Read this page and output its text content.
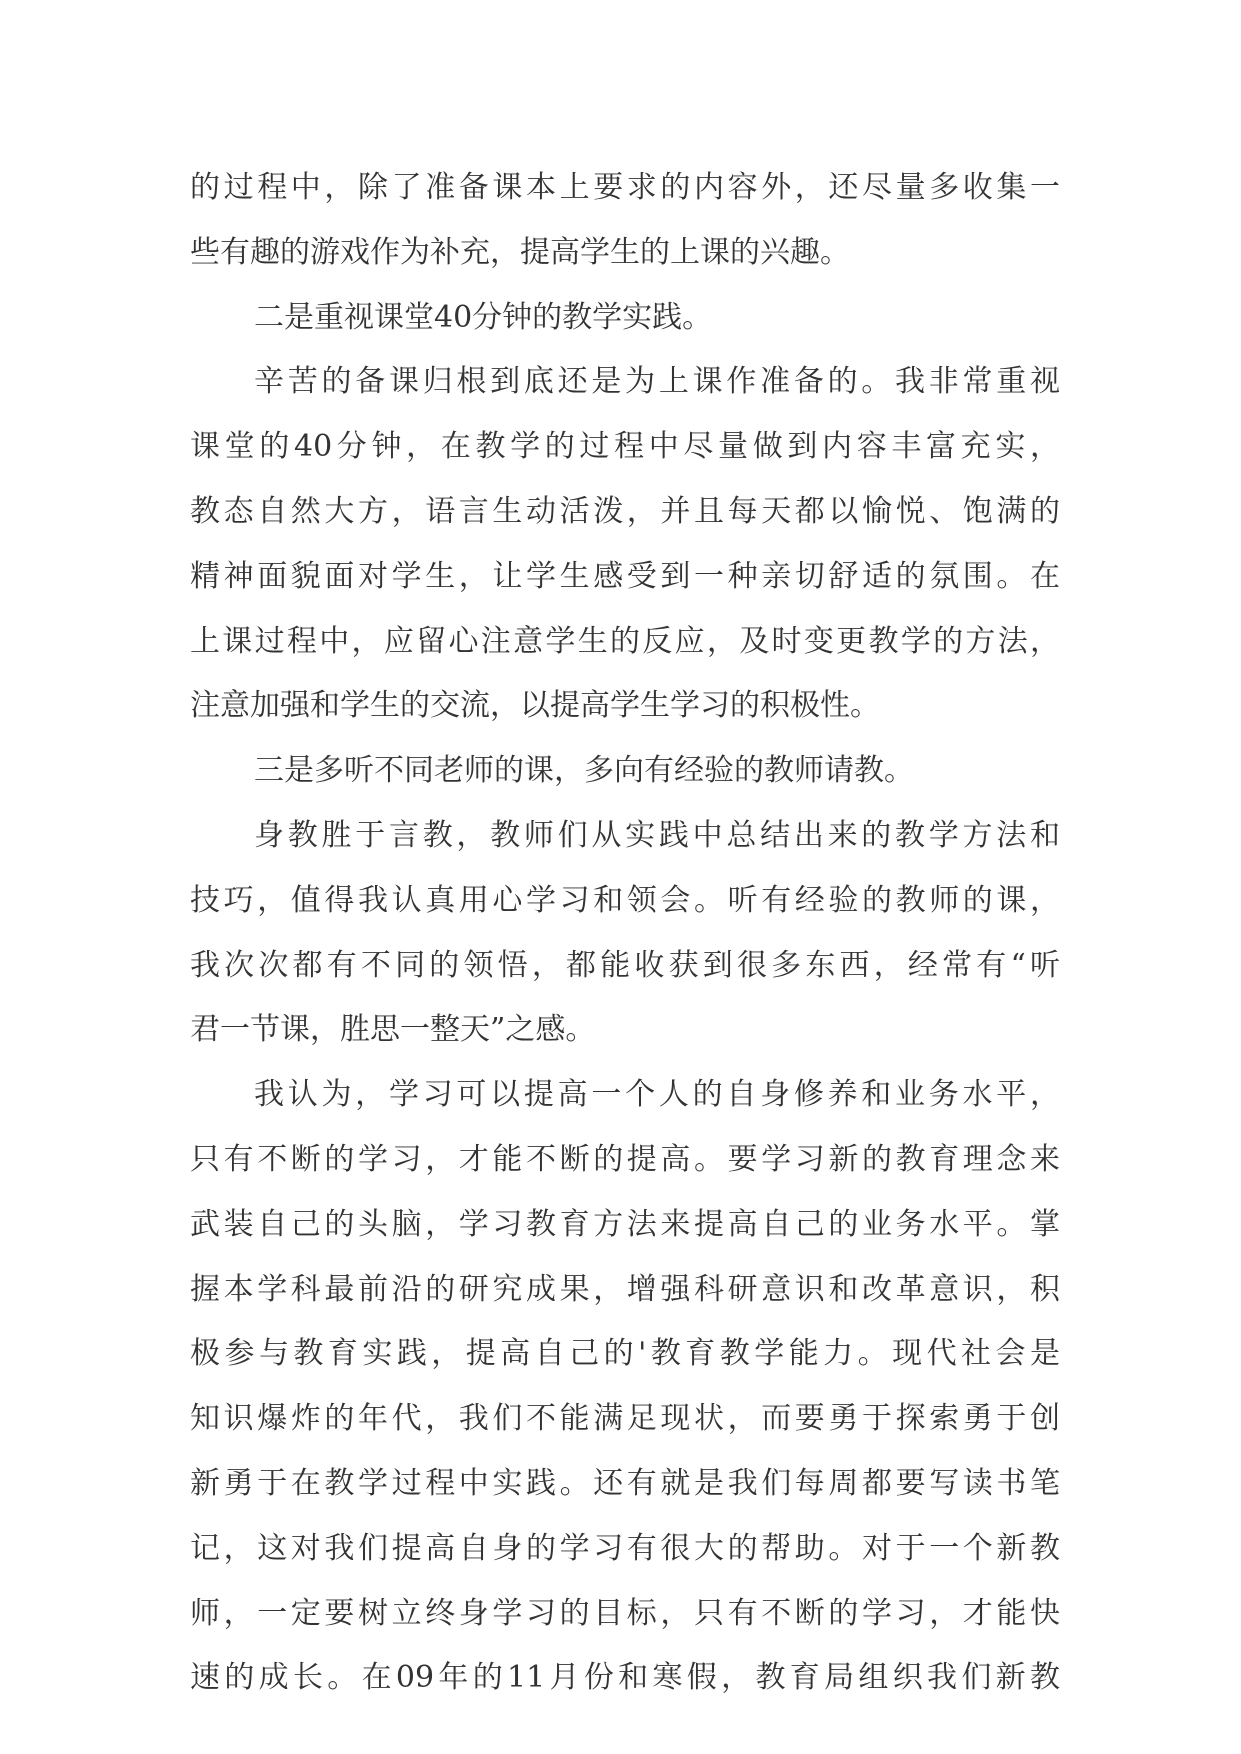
的过程中，除了准备课本上要求的内容外，还尽量多收集一
些有趣的游戏作为补充，提高学生的上课的兴趣。
二是重视课堂40分钟的教学实践。
辛苦的备课归根到底还是为上课作准备的。我非常重视
课堂的40分钟，在教学的过程中尽量做到内容丰富充实，
教态自然大方，语言生动活泼，并且每天都以愉悦、饱满的
精神面貌面对学生，让学生感受到一种亲切舒适的氛围。在
上课过程中，应留心注意学生的反应，及时变更教学的方法，
注意加强和学生的交流，以提高学生学习的积极性。
三是多听不同老师的课，多向有经验的教师请教。
身教胜于言教，教师们从实践中总结出来的教学方法和
技巧，值得我认真用心学习和领会。听有经验的教师的课，
我次次都有不同的领悟，都能收获到很多东西，经常有“听
君一节课，胜思一整天”之感。
我认为，学习可以提高一个人的自身修养和业务水平，
只有不断的学习，才能不断的提高。要学习新的教育理念来
武装自己的头脑，学习教育方法来提高自己的业务水平。掌
握本学科最前沿的研究成果，增强科研意识和改革意识，积
极参与教育实践，提高自己的'教育教学能力。现代社会是
知识爆炸的年代，我们不能满足现状，而要勇于探索勇于创
新勇于在教学过程中实践。还有就是我们每周都要写读书笔
记，这对我们提高自身的学习有很大的帮助。对于一个新教
师，一定要树立终身学习的目标，只有不断的学习，才能快
速的成长。在09年的11月份和寒假，教育局组织我们新教
